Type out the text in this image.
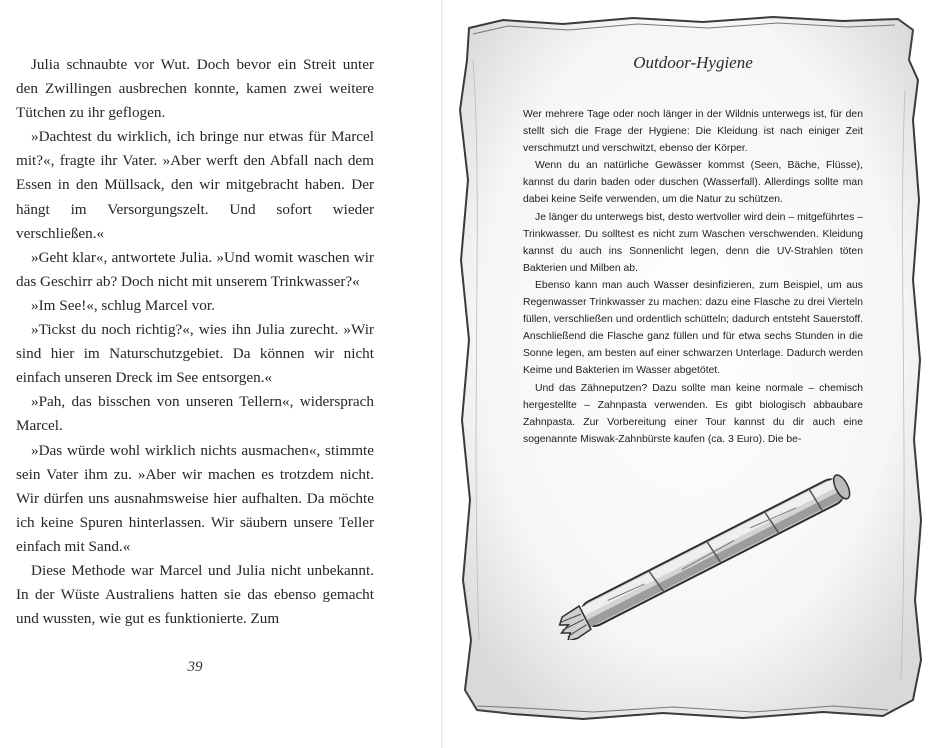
Julia schnaubte vor Wut. Doch bevor ein Streit unter den Zwillingen ausbrechen konnte, kamen zwei weitere Tütchen zu ihr geflogen.

»Dachtest du wirklich, ich bringe nur etwas für Marcel mit?«, fragte ihr Vater. »Aber werft den Abfall nach dem Essen in den Müllsack, den wir mitgebracht haben. Der hängt im Versorgungszelt. Und sofort wieder verschließen.«

»Geht klar«, antwortete Julia. »Und womit waschen wir das Geschirr ab? Doch nicht mit unserem Trinkwasser?«

»Im See!«, schlug Marcel vor.

»Tickst du noch richtig?«, wies ihn Julia zurecht. »Wir sind hier im Naturschutzgebiet. Da können wir nicht einfach unseren Dreck im See entsorgen.«

»Pah, das bisschen von unseren Tellern«, widersprach Marcel.

»Das würde wohl wirklich nichts ausmachen«, stimmte sein Vater ihm zu. »Aber wir machen es trotzdem nicht. Wir dürfen uns ausnahmsweise hier aufhalten. Da möchte ich keine Spuren hinterlassen. Wir säubern unsere Teller einfach mit Sand.«

Diese Methode war Marcel und Julia nicht unbekannt. In der Wüste Australiens hatten sie das ebenso gemacht und wussten, wie gut es funktionierte. Zum

39
Outdoor-Hygiene

Wer mehrere Tage oder noch länger in der Wildnis unterwegs ist, für den stellt sich die Frage der Hygiene: Die Kleidung ist nach einiger Zeit verschmutzt und verschwitzt, ebenso der Körper.

Wenn du an natürliche Gewässer kommst (Seen, Bäche, Flüsse), kannst du darin baden oder duschen (Wasserfall). Allerdings sollte man dabei keine Seife verwenden, um die Natur zu schützen.

Je länger du unterwegs bist, desto wertvoller wird dein – mitgeführtes – Trinkwasser. Du solltest es nicht zum Waschen verschwenden. Kleidung kannst du auch ins Sonnenlicht legen, denn die UV-Strahlen töten Bakterien und Milben ab.

Ebenso kann man auch Wasser desinfizieren, zum Beispiel, um aus Regenwasser Trinkwasser zu machen: dazu eine Flasche zu drei Vierteln füllen, verschließen und ordentlich schütteln; dadurch entsteht Sauerstoff. Anschließend die Flasche ganz füllen und für etwa sechs Stunden in die Sonne legen, am besten auf einer schwarzen Unterlage. Dadurch werden Keime und Bakterien im Wasser abgetötet.

Und das Zähneputzen? Dazu sollte man keine normale – chemisch hergestellte – Zahnpasta verwenden. Es gibt biologisch abbaubare Zahnpasta. Zur Vorbereitung einer Tour kannst du dir auch eine sogenannte Miswak-Zahnbürste kaufen (ca. 3 Euro). Die be-
